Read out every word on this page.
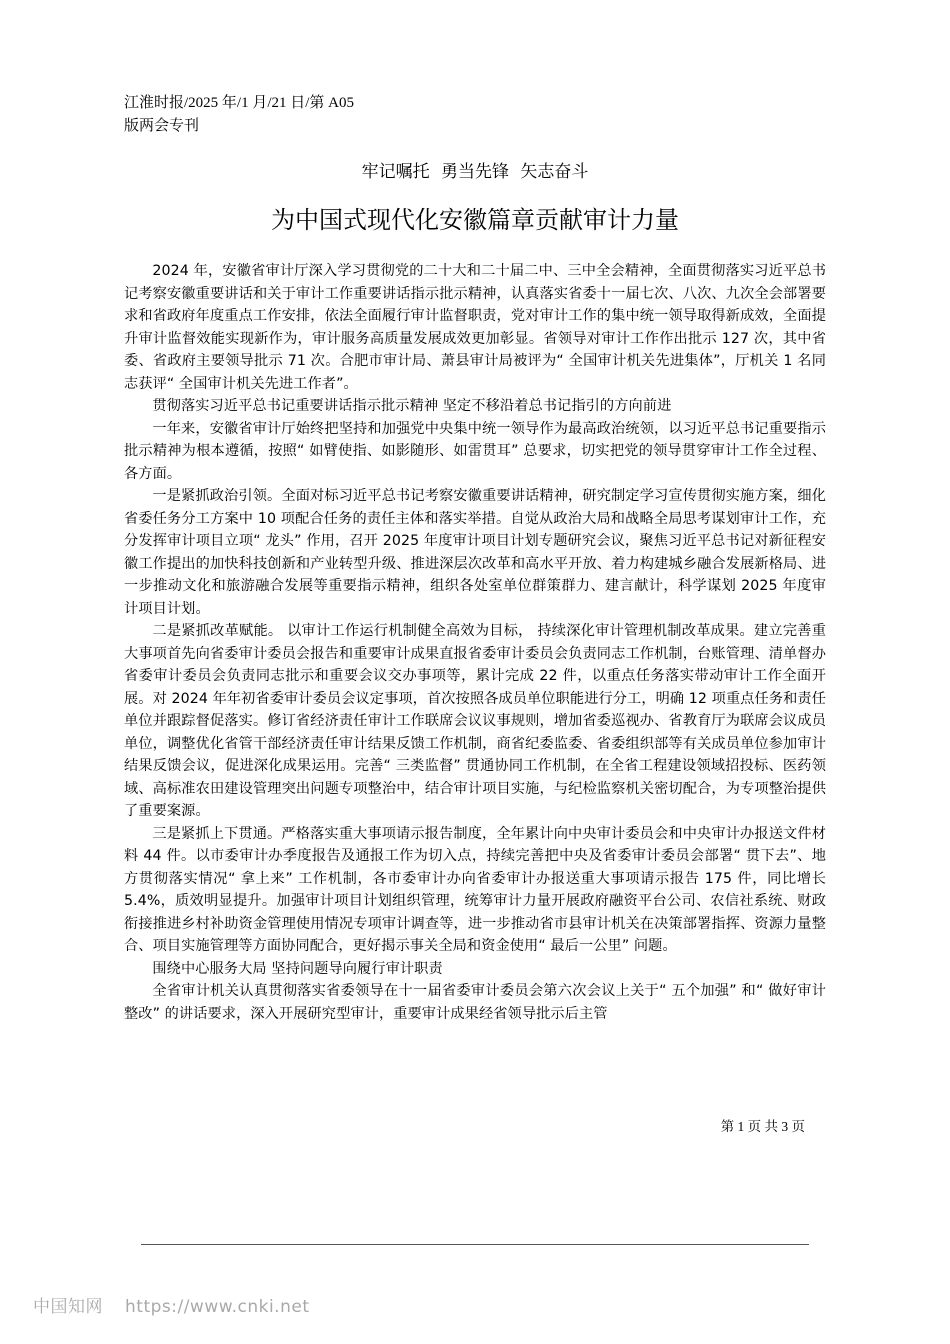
江淮时报/2025 年/1 月/21 日/第 A05
版两会专刊
牢记嘱托 勇当先锋 矢志奋斗
为中国式现代化安徽篇章贡献审计力量

2024 年，安徽省审计厅深入学习贯彻党的二十大和二十届二中、三中全会精神，全面贯彻落实习近平总书记考察安徽重要讲话和关于审计工作重要讲话指示批示精神，认真落实省委十一届七次、八次、九次全会部署要求和省政府年度重点工作安排，依法全面履行审计监督职责，党对审计工作的集中统一领导取得新成效，全面提升审计监督效能实现新作为，审计服务高质量发展成效更加彰显。省领导对审计工作作出批示 127 次，其中省委、省政府主要领导批示 71 次。合肥市审计局、萧县审计局被评为“ 全国审计机关先进集体”，厅机关 1 名同志获评“ 全国审计机关先进工作者”。

贯彻落实习近平总书记重要讲话指示批示精神 坚定不移沿着总书记指引的方向前进

一年来，安徽省审计厅始终把坚持和加强党中央集中统一领导作为最高政治统领，以习近平总书记重要指示批示精神为根本遵循，按照“ 如臂使指、如影随形、如雷贯耳” 总要求，切实把党的领导贯穿审计工作全过程、各方面。

一是紧抓政治引领。全面对标习近平总书记考察安徽重要讲话精神，研究制定学习宣传贯彻实施方案，细化省委任务分工方案中 10 项配合任务的责任主体和落实举措。自觉从政治大局和战略全局思考谋划审计工作，充分发挥审计项目立项“ 龙头” 作用，召开 2025 年度审计项目计划专题研究会议，聚焦习近平总书记对新征程安徽工作提出的加快科技创新和产业转型升级、推进深层次改革和高水平开放、着力构建城乡融合发展新格局、进一步推动文化和旅游融合发展等重要指示精神，组织各处室单位群策群力、建言献计，科学谋划 2025 年度审计项目计划。

二是紧抓改革赋能。 以审计工作运行机制健全高效为目标， 持续深化审计管理机制改革成果。建立完善重大事项首先向省委审计委员会报告和重要审计成果直报省委审计委员会负责同志工作机制，台账管理、清单督办省委审计委员会负责同志批示和重要会议交办事项等，累计完成 22 件，以重点任务落实带动审计工作全面开展。对 2024 年年初省委审计委员会议定事项，首次按照各成员单位职能进行分工，明确 12 项重点任务和责任单位并跟踪督促落实。修订省经济责任审计工作联席会议议事规则，增加省委巡视办、省教育厅为联席会议成员单位，调整优化省管干部经济责任审计结果反馈工作机制，商省纪委监委、省委组织部等有关成员单位参加审计结果反馈会议，促进深化成果运用。完善“ 三类监督” 贯通协同工作机制，在全省工程建设领域招投标、医药领域、高标准农田建设管理突出问题专项整治中，结合审计项目实施，与纪检监察机关密切配合，为专项整治提供了重要案源。

三是紧抓上下贯通。严格落实重大事项请示报告制度，全年累计向中央审计委员会和中央审计办报送文件材料 44 件。以市委审计办季度报告及通报工作为切入点，持续完善把中央及省委审计委员会部署“ 贯下去”、地方贯彻落实情况“ 拿上来” 工作机制，各市委审计办向省委审计办报送重大事项请示报告 175 件，同比增长 5.4%，质效明显提升。加强审计项目计划组织管理，统筹审计力量开展政府融资平台公司、农信社系统、财政衔接推进乡村补助资金管理使用情况专项审计调查等，进一步推动省市县审计机关在决策部署指挥、资源力量整合、项目实施管理等方面协同配合，更好揭示事关全局和资金使用“ 最后一公里” 问题。

围绕中心服务大局 坚持问题导向履行审计职责

全省审计机关认真贯彻落实省委领导在十一届省委审计委员会第六次会议上关于“ 五个加强” 和“ 做好审计整改” 的讲话要求，深入开展研究型审计，重要审计成果经省领导批示后主管

第 1 页 共 3 页
中国知网 https://www.cnki.net
